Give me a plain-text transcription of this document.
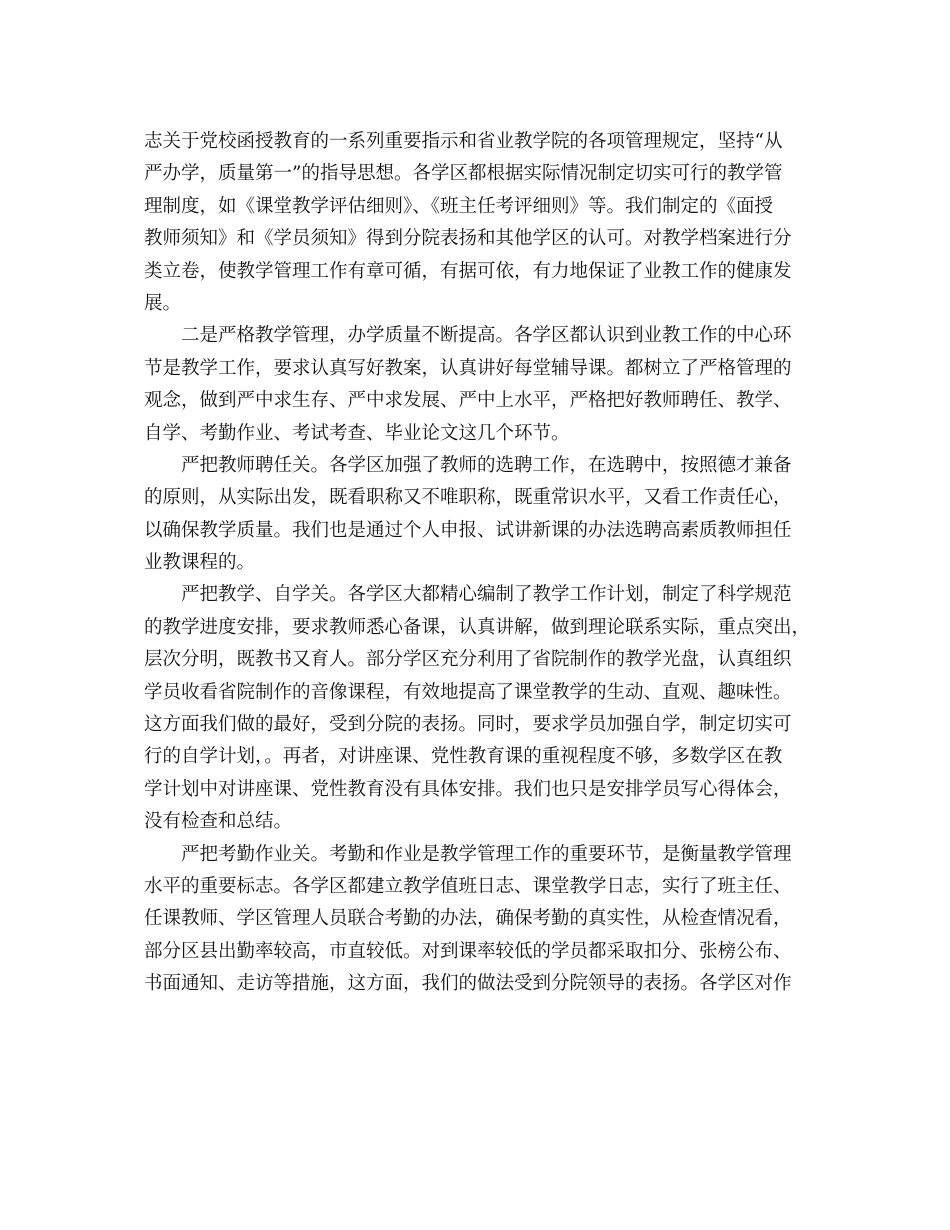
志关于党校函授教育的一系列重要指示和省业教学院的各项管理规定，坚持“从
严办学，质量第一”的指导思想。各学区都根据实际情况制定切实可行的教学管
理制度，如《课堂教学评估细则》、《班主任考评细则》等。我们制定的《面授
教师须知》和《学员须知》得到分院表扬和其他学区的认可。对教学档案进行分
类立卷，使教学管理工作有章可循，有据可依，有力地保证了业教工作的健康发
展。
二是严格教学管理，办学质量不断提高。各学区都认识到业教工作的中心环
节是教学工作，要求认真写好教案，认真讲好每堂辅导课。都树立了严格管理的
观念，做到严中求生存、严中求发展、严中上水平，严格把好教师聘任、教学、
自学、考勤作业、考试考查、毕业论文这几个环节。
严把教师聘任关。各学区加强了教师的选聘工作，在选聘中，按照德才兼备
的原则，从实际出发，既看职称又不唯职称，既重常识水平，又看工作责任心，
以确保教学质量。我们也是通过个人申报、试讲新课的办法选聘高素质教师担任
业教课程的。
严把教学、自学关。各学区大都精心编制了教学工作计划，制定了科学规范
的教学进度安排，要求教师悉心备课，认真讲解，做到理论联系实际，重点突出，
层次分明，既教书又育人。部分学区充分利用了省院制作的教学光盘，认真组织
学员收看省院制作的音像课程，有效地提高了课堂教学的生动、直观、趣味性。
这方面我们做的最好，受到分院的表扬。同时，要求学员加强自学，制定切实可
行的自学计划，。再者，对讲座课、党性教育课的重视程度不够，多数学区在教
学计划中对讲座课、党性教育没有具体安排。我们也只是安排学员写心得体会，
没有检查和总结。
严把考勤作业关。考勤和作业是教学管理工作的重要环节，是衡量教学管理
水平的重要标志。各学区都建立教学值班日志、课堂教学日志，实行了班主任、
任课教师、学区管理人员联合考勤的办法，确保考勤的真实性，从检查情况看，
部分区县出勤率较高，市直较低。对到课率较低的学员都采取扣分、张榜公布、
书面通知、走访等措施，这方面，我们的做法受到分院领导的表扬。各学区对作
